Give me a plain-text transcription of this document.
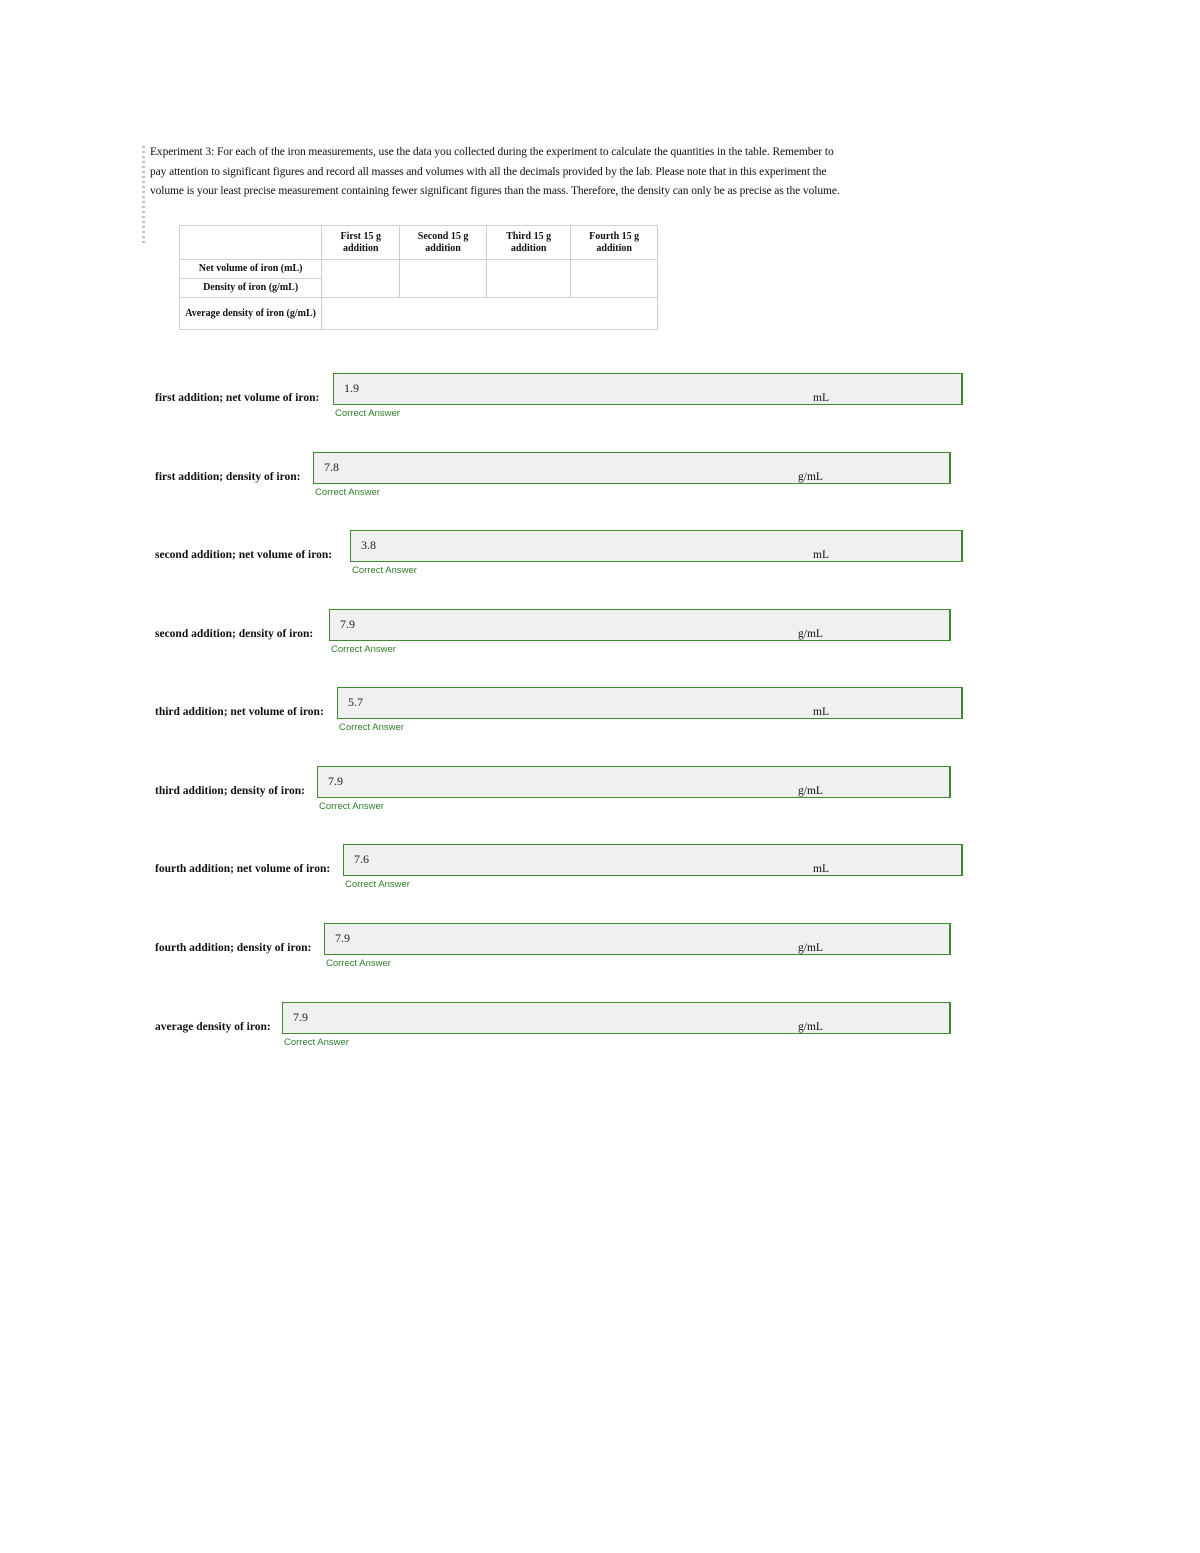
Experiment 3: For each of the iron measurements, use the data you collected during the experiment to calculate the quantities in the table. Remember to pay attention to significant figures and record all masses and volumes with all the decimals provided by the lab. Please note that in this experiment the volume is your least precise measurement containing fewer significant figures than the mass. Therefore, the density can only be as precise as the volume.
	First 15 g addition	Second 15 g addition	Third 15 g addition	Fourth 15 g addition
Net volume of iron (mL)				
Density of iron (g/mL)				
Average density of iron (g/mL)				
first addition; net volume of iron:
1.9
Correct Answer
mL
first addition; density of iron:
7.8
Correct Answer
g/mL
second addition; net volume of iron:
3.8
Correct Answer
mL
second addition; density of iron:
7.9
Correct Answer
g/mL
third addition; net volume of iron:
5.7
Correct Answer
mL
third addition; density of iron:
7.9
Correct Answer
g/mL
fourth addition; net volume of iron:
7.6
Correct Answer
mL
fourth addition; density of iron:
7.9
Correct Answer
g/mL
average density of iron:
7.9
Correct Answer
g/mL
